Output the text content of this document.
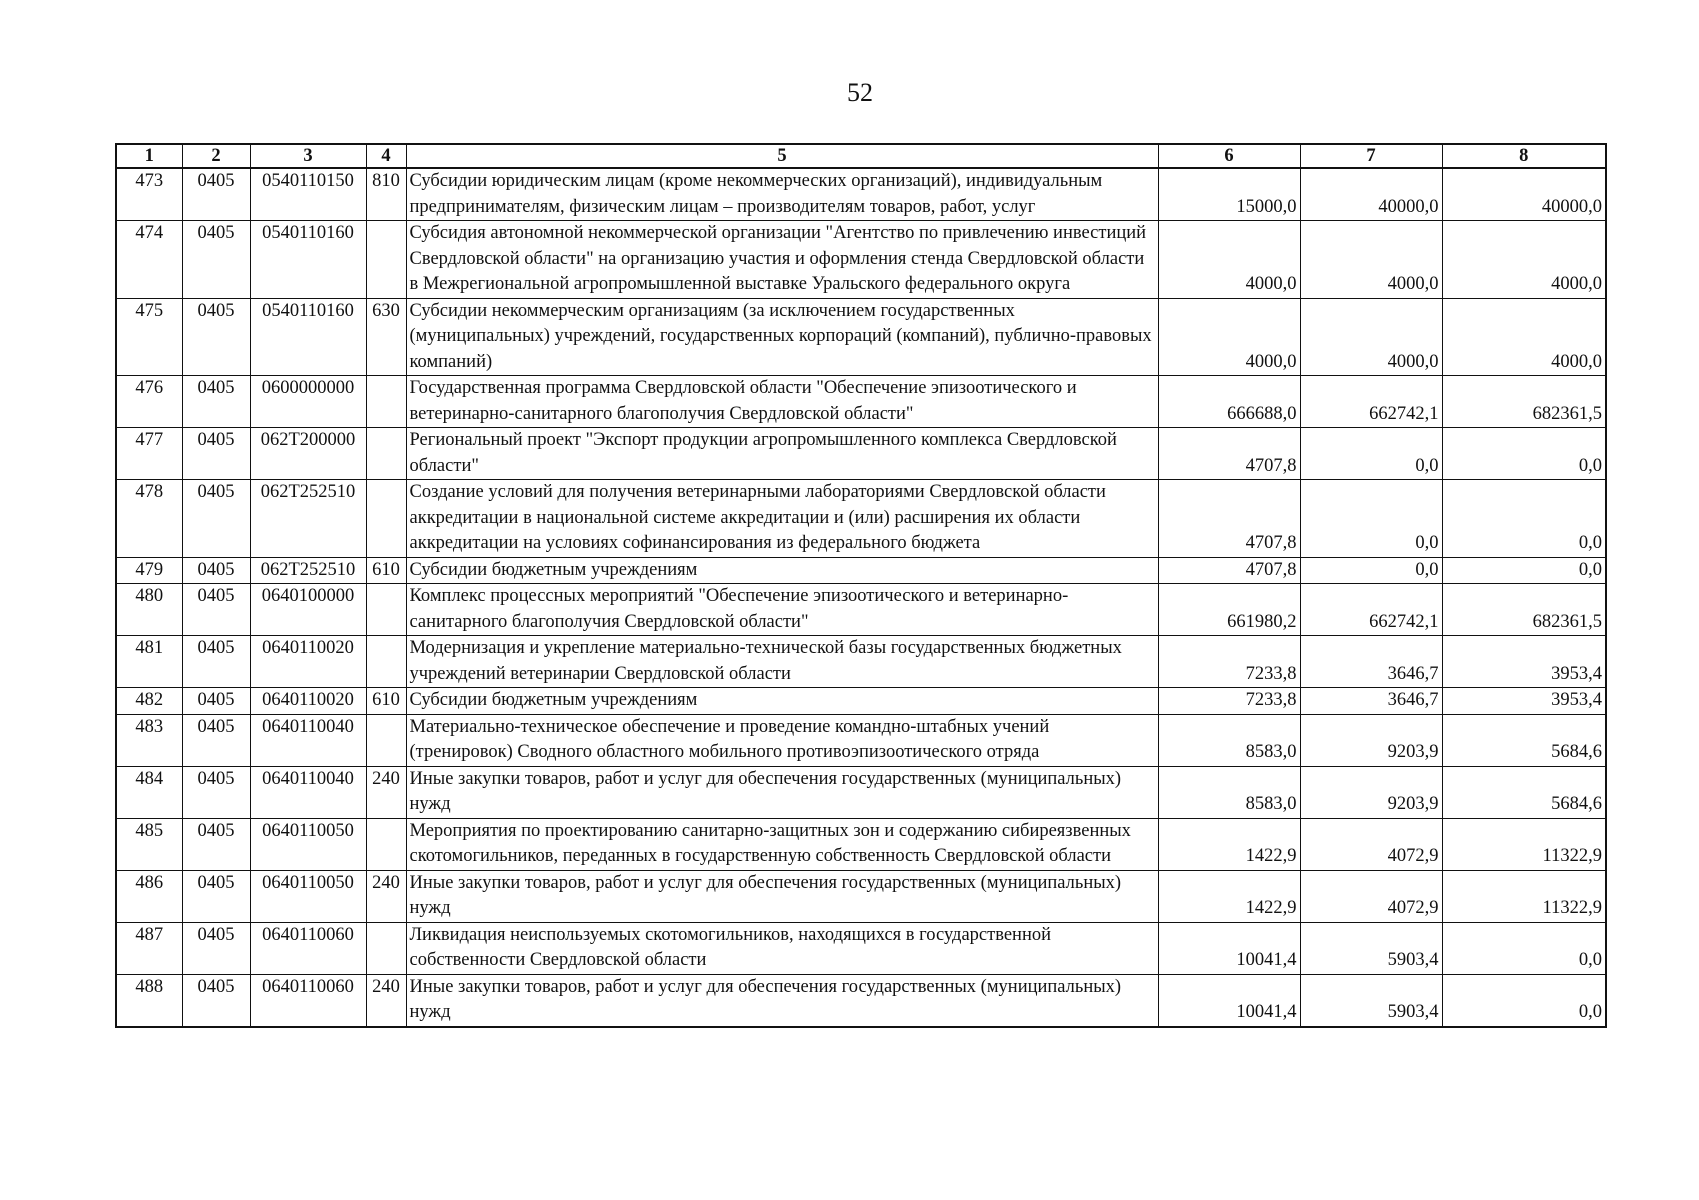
52
1	2	3	4	5	6	7	8
473	0405	0540110150	810	Субсидии юридическим лицам (кроме некоммерческих организаций), индивидуальным предпринимателям, физическим лицам – производителям товаров, работ, услуг	15000,0	40000,0	40000,0
474	0405	0540110160		Субсидия автономной некоммерческой организации "Агентство по привлечению инвестиций Свердловской области" на организацию участия и оформления стенда Свердловской области в Межрегиональной агропромышленной выставке Уральского федерального округа	4000,0	4000,0	4000,0
475	0405	0540110160	630	Субсидии некоммерческим организациям (за исключением государственных (муниципальных) учреждений, государственных корпораций (компаний), публично-правовых компаний)	4000,0	4000,0	4000,0
476	0405	0600000000		Государственная программа Свердловской области "Обеспечение эпизоотического и ветеринарно-санитарного благополучия Свердловской области"	666688,0	662742,1	682361,5
477	0405	062T200000		Региональный проект "Экспорт продукции агропромышленного комплекса Свердловской области"	4707,8	0,0	0,0
478	0405	062T252510		Создание условий для получения ветеринарными лабораториями Свердловской области аккредитации в национальной системе аккредитации и (или) расширения их области аккредитации на условиях софинансирования из федерального бюджета	4707,8	0,0	0,0
479	0405	062T252510	610	Субсидии бюджетным учреждениям	4707,8	0,0	0,0
480	0405	0640100000		Комплекс процессных мероприятий "Обеспечение эпизоотического и ветеринарно-санитарного благополучия Свердловской области"	661980,2	662742,1	682361,5
481	0405	0640110020		Модернизация и укрепление материально-технической базы государственных бюджетных учреждений ветеринарии Свердловской области	7233,8	3646,7	3953,4
482	0405	0640110020	610	Субсидии бюджетным учреждениям	7233,8	3646,7	3953,4
483	0405	0640110040		Материально-техническое обеспечение и проведение командно-штабных учений (тренировок) Сводного областного мобильного противоэпизоотического отряда	8583,0	9203,9	5684,6
484	0405	0640110040	240	Иные закупки товаров, работ и услуг для обеспечения государственных (муниципальных) нужд	8583,0	9203,9	5684,6
485	0405	0640110050		Мероприятия по проектированию санитарно-защитных зон и содержанию сибиреязвенных скотомогильников, переданных в государственную собственность Свердловской области	1422,9	4072,9	11322,9
486	0405	0640110050	240	Иные закупки товаров, работ и услуг для обеспечения государственных (муниципальных) нужд	1422,9	4072,9	11322,9
487	0405	0640110060		Ликвидация неиспользуемых скотомогильников, находящихся в государственной собственности Свердловской области	10041,4	5903,4	0,0
488	0405	0640110060	240	Иные закупки товаров, работ и услуг для обеспечения государственных (муниципальных) нужд	10041,4	5903,4	0,0
